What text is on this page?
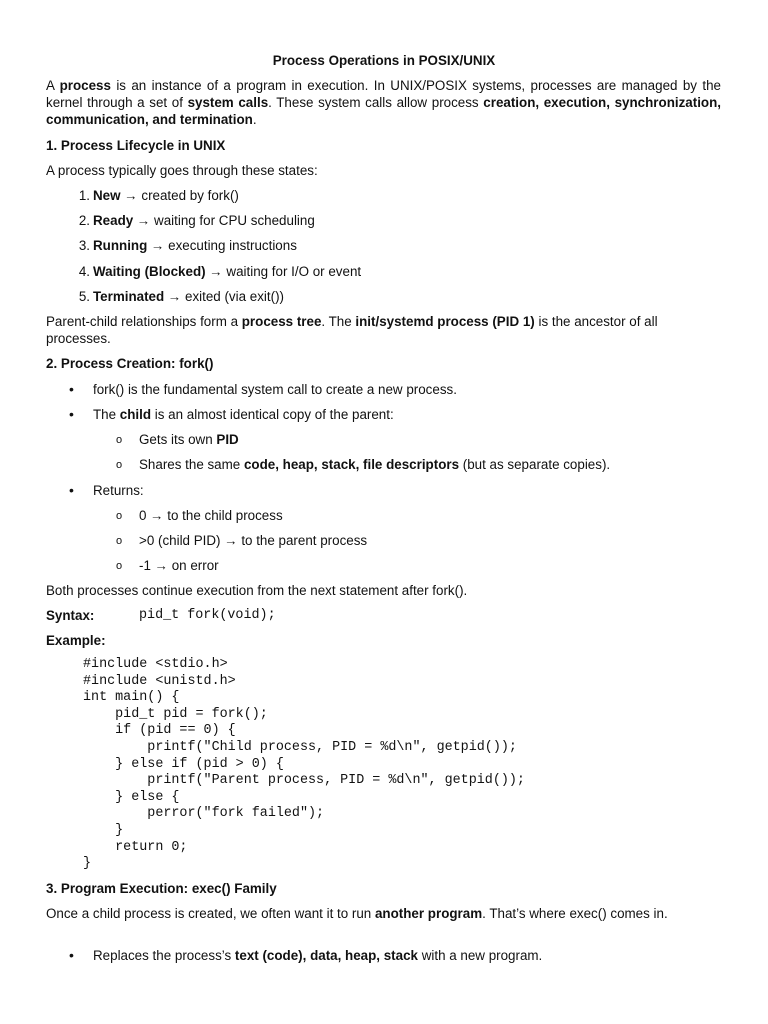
Process Operations in POSIX/UNIX
A process is an instance of a program in execution. In UNIX/POSIX systems, processes are managed by the kernel through a set of system calls. These system calls allow process creation, execution, synchronization, communication, and termination.
1. Process Lifecycle in UNIX
A process typically goes through these states:
1. New → created by fork()
2. Ready → waiting for CPU scheduling
3. Running → executing instructions
4. Waiting (Blocked) → waiting for I/O or event
5. Terminated → exited (via exit())
Parent-child relationships form a process tree. The init/systemd process (PID 1) is the ancestor of all processes.
2. Process Creation: fork()
• fork() is the fundamental system call to create a new process.
• The child is an almost identical copy of the parent:
o Gets its own PID
o Shares the same code, heap, stack, file descriptors (but as separate copies).
• Returns:
o 0 → to the child process
o >0 (child PID) → to the parent process
o -1 → on error
Both processes continue execution from the next statement after fork().
Syntax:	pid_t fork(void);
Example:
#include <stdio.h>
#include <unistd.h>
int main() {
pid_t pid = fork();
if (pid == 0) {
printf("Child process, PID = %d\n", getpid());
} else if (pid > 0) {
printf("Parent process, PID = %d\n", getpid());
} else {
perror("fork failed");
}
return 0;
}
3. Program Execution: exec() Family
Once a child process is created, we often want it to run another program. That’s where exec() comes in.
• Replaces the process’s text (code), data, heap, stack with a new program.
